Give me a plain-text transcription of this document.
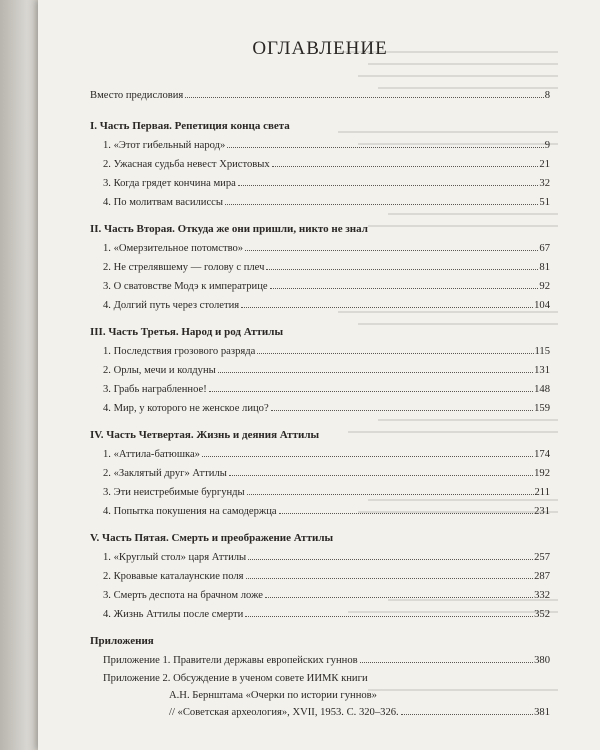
ОГЛАВЛЕНИЕ
Вместо предисловия	8
I. Часть Первая. Репетиция конца света
1. «Этот гибельный народ»	9
2. Ужасная судьба невест Христовых	21
3. Когда грядет кончина мира	32
4. По молитвам василиссы	51
II. Часть Вторая. Откуда же они пришли, никто не знал
1. «Омерзительное потомство»	67
2. Не стрелявшему — голову с плеч	81
3. О сватовстве Модэ к императрице	92
4. Долгий путь через столетия	104
III. Часть Третья. Народ и род Аттилы
1. Последствия грозового разряда	115
2. Орлы, мечи и колдуны	131
3. Грабь награбленное!	148
4. Мир, у которого не женское лицо?	159
IV. Часть Четвертая. Жизнь и деяния Аттилы
1. «Аттила-батюшка»	174
2. «Заклятый друг» Аттилы	192
3. Эти неистребимые бургунды	211
4. Попытка покушения на самодержца	231
V. Часть Пятая. Смерть и преображение Аттилы
1. «Круглый стол» царя Аттилы	257
2. Кровавые каталаунские поля	287
3. Смерть деспота на брачном ложе	332
4. Жизнь Аттилы после смерти	352
Приложения
Приложение 1. Правители державы европейских гуннов	380
Приложение 2. Обсуждение в ученом совете ИИМК книги
А.Н. Бернштама «Очерки по истории гуннов»
// «Советская археология», XVII, 1953. С. 320–326.	381
